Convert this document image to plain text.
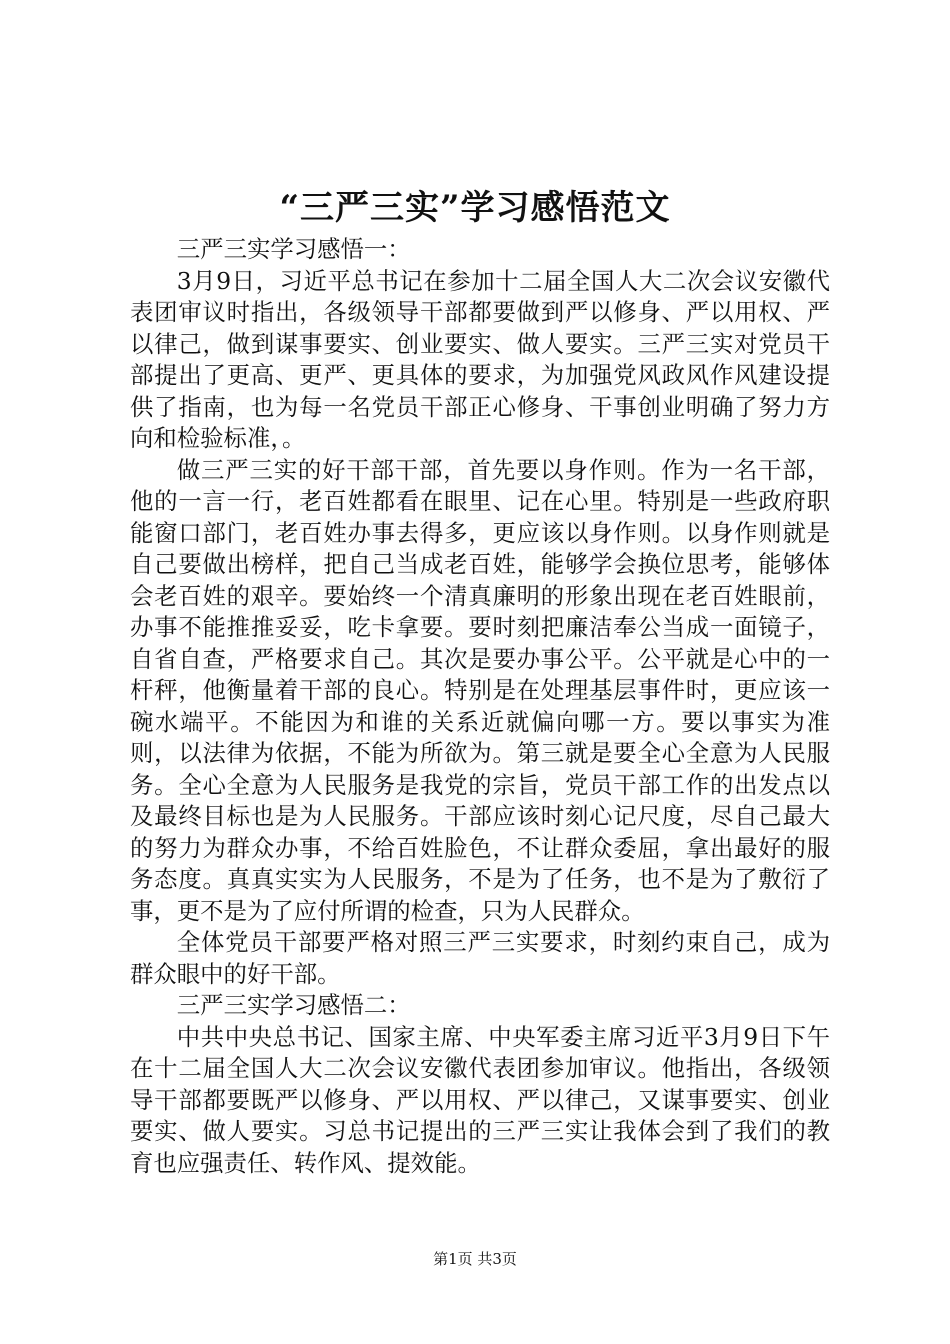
“三严三实”学习感悟范文

三严三实学习感悟一：

3月9日，习近平总书记在参加十二届全国人大二次会议安徽代表团审议时指出，各级领导干部都要做到严以修身、严以用权、严以律己，做到谋事要实、创业要实、做人要实。三严三实对党员干部提出了更高、更严、更具体的要求，为加强党风政风作风建设提供了指南，也为每一名党员干部正心修身、干事创业明确了努力方向和检验标准，。

做三严三实的好干部干部，首先要以身作则。作为一名干部，他的一言一行，老百姓都看在眼里、记在心里。特别是一些政府职能窗口部门，老百姓办事去得多，更应该以身作则。以身作则就是自己要做出榜样，把自己当成老百姓，能够学会换位思考，能够体会老百姓的艰辛。要始终一个清真廉明的形象出现在老百姓眼前，办事不能推推妥妥，吃卡拿要。要时刻把廉洁奉公当成一面镜子，自省自查，严格要求自己。其次是要办事公平。公平就是心中的一杆秤，他衡量着干部的良心。特别是在处理基层事件时，更应该一碗水端平。不能因为和谁的关系近就偏向哪一方。要以事实为准则，以法律为依据，不能为所欲为。第三就是要全心全意为人民服务。全心全意为人民服务是我党的宗旨，党员干部工作的出发点以及最终目标也是为人民服务。干部应该时刻心记尺度，尽自己最大的努力为群众办事，不给百姓脸色，不让群众委屈，拿出最好的服务态度。真真实实为人民服务，不是为了任务，也不是为了敷衍了事，更不是为了应付所谓的检查，只为人民群众。

全体党员干部要严格对照三严三实要求，时刻约束自己，成为群众眼中的好干部。

三严三实学习感悟二：

中共中央总书记、国家主席、中央军委主席习近平3月9日下午在十二届全国人大二次会议安徽代表团参加审议。他指出，各级领导干部都要既严以修身、严以用权、严以律己，又谋事要实、创业要实、做人要实。习总书记提出的三严三实让我体会到了我们的教育也应强责任、转作风、提效能。

第1页 共3页
